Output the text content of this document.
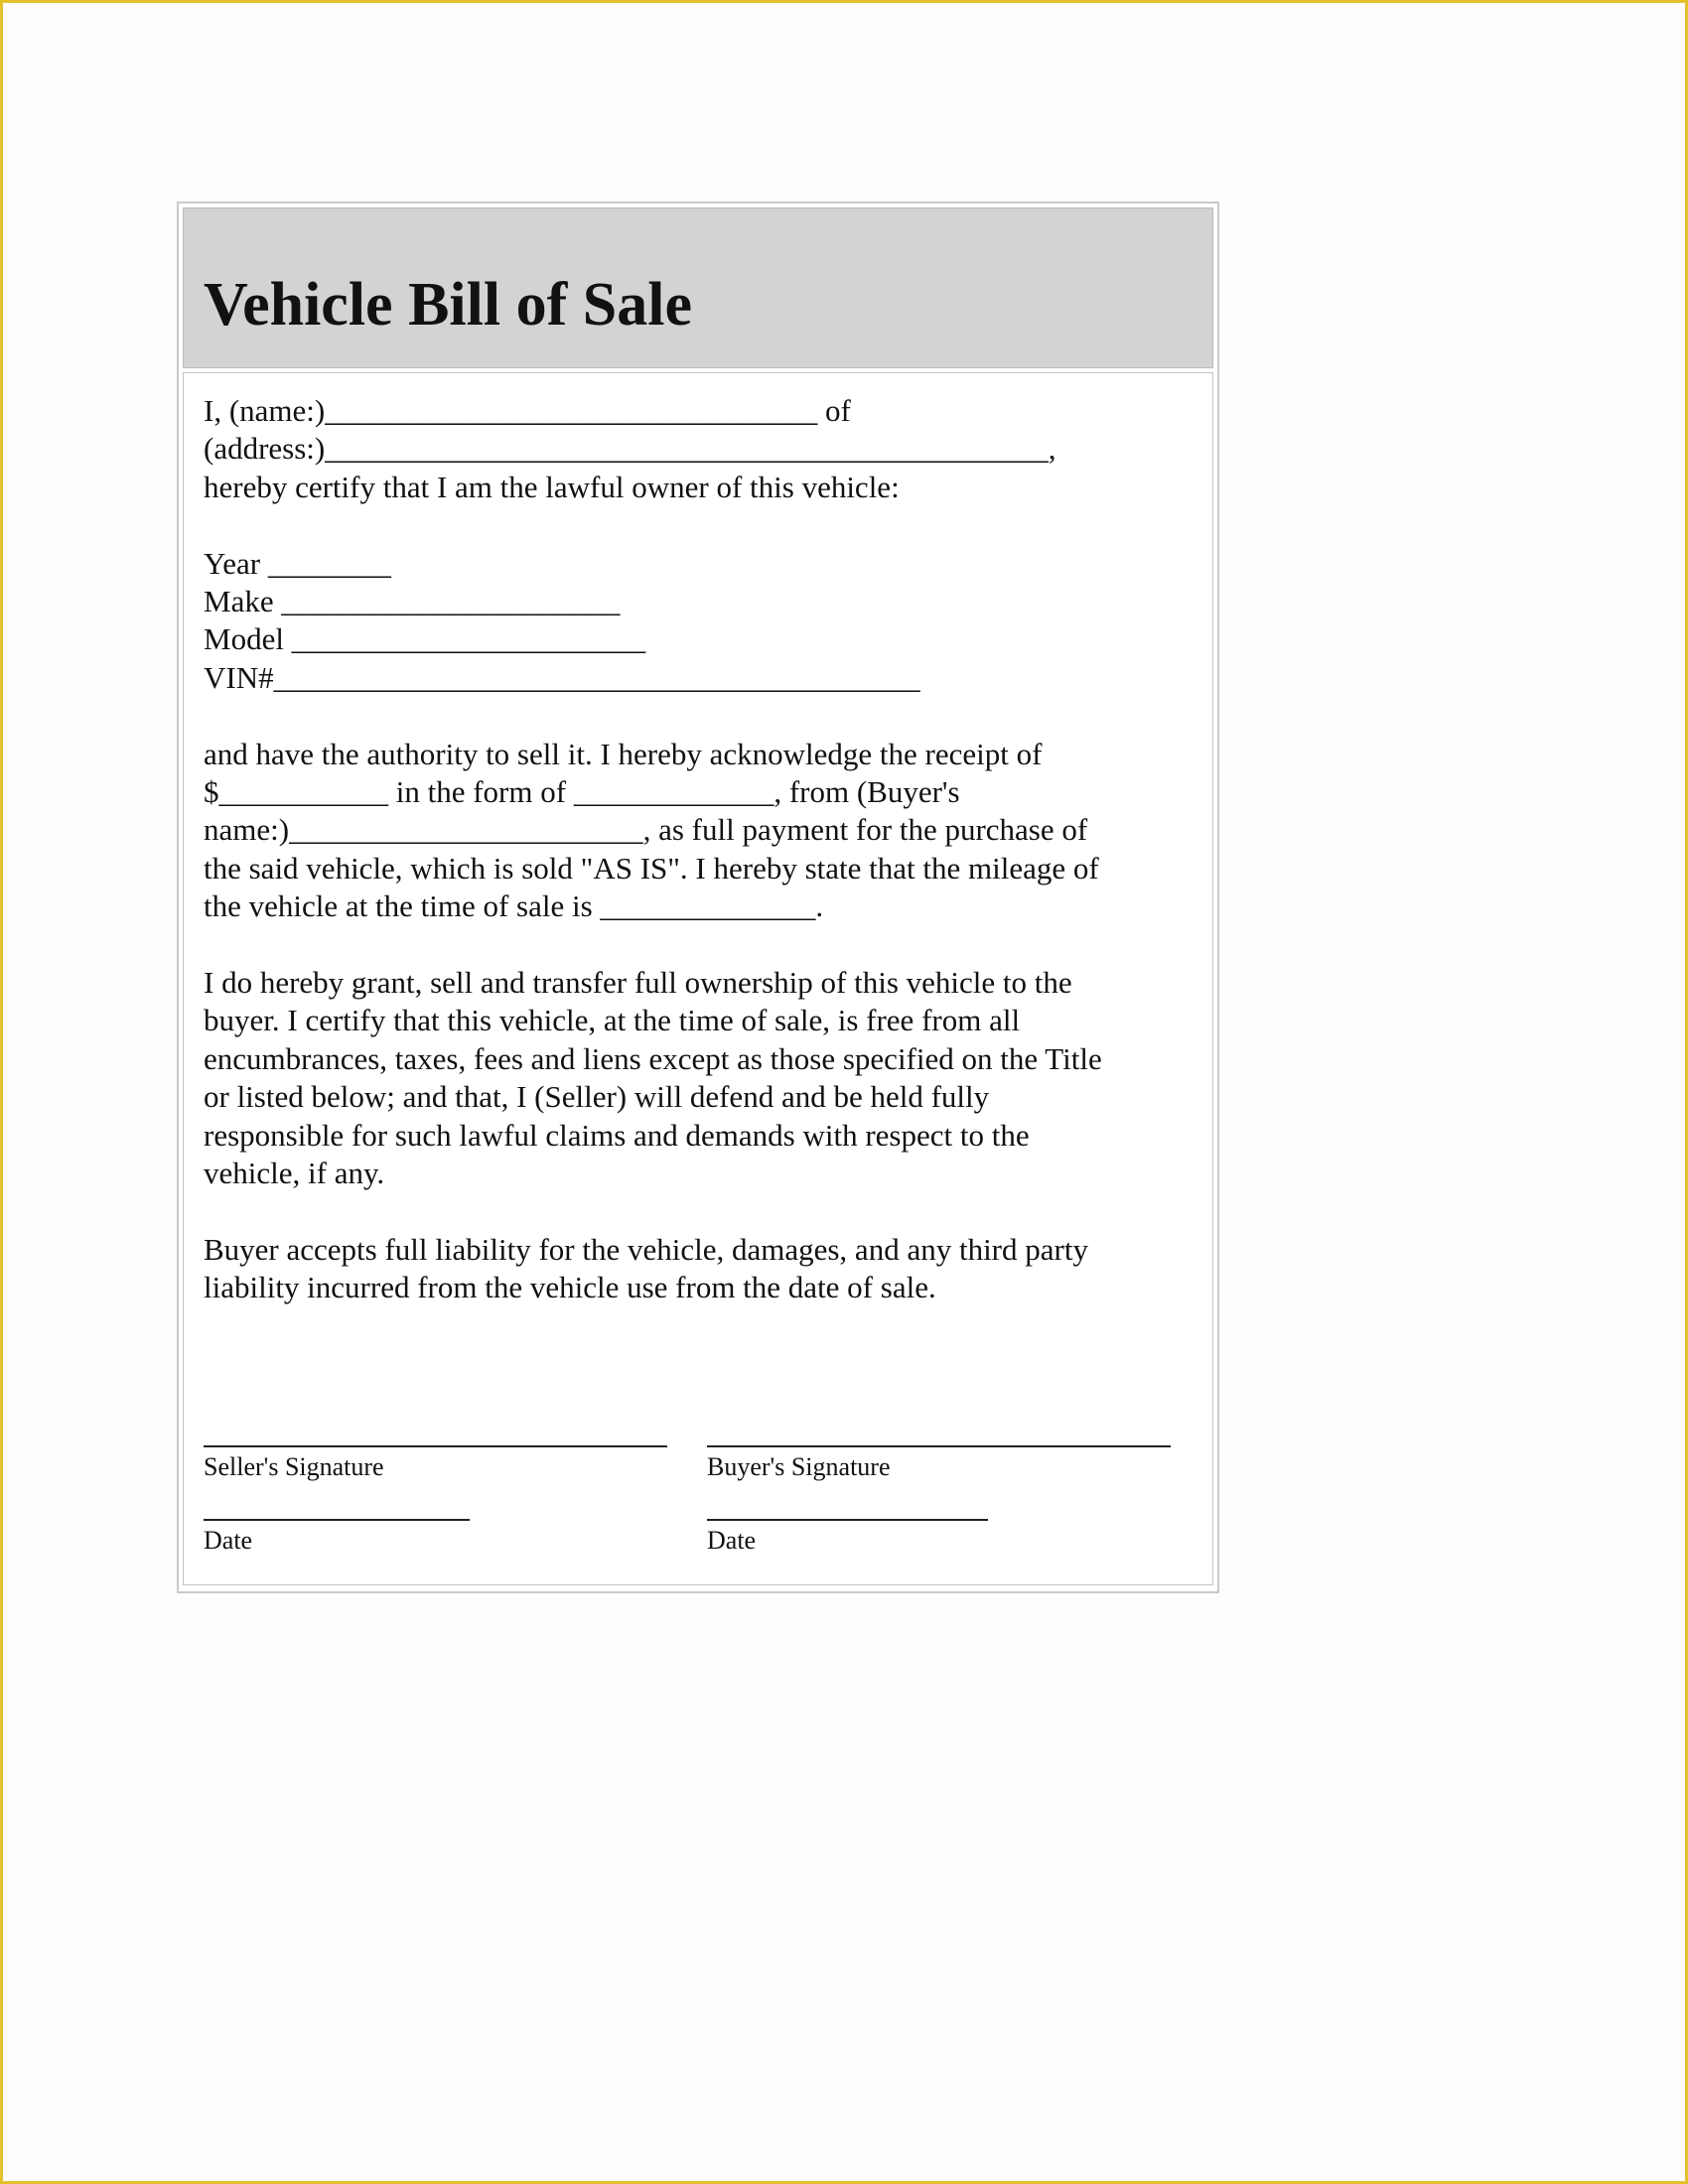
Vehicle Bill of Sale

I, (name:)________________________________ of

(address:)_______________________________________________,

hereby certify that I am the lawful owner of this vehicle:

Year ________

Make ______________________

Model _______________________

VIN#__________________________________________

and have the authority to sell it. I hereby acknowledge the receipt of

$___________ in the form of _____________, from (Buyer's

name:)_______________________, as full payment for the purchase of

the said vehicle, which is sold "AS IS". I hereby state that the mileage of

the vehicle at the time of sale is ______________.

I do hereby grant, sell and transfer full ownership of this vehicle to the

buyer. I certify that this vehicle, at the time of sale, is free from all

encumbrances, taxes, fees and liens except as those specified on the Title

or listed below; and that, I (Seller) will defend and be held fully

responsible for such lawful claims and demands with respect to the

vehicle, if any.

Buyer accepts full liability for the vehicle, damages, and any third party

liability incurred from the vehicle use from the date of sale.

Seller's Signature	Buyer's Signature
Date	Date
